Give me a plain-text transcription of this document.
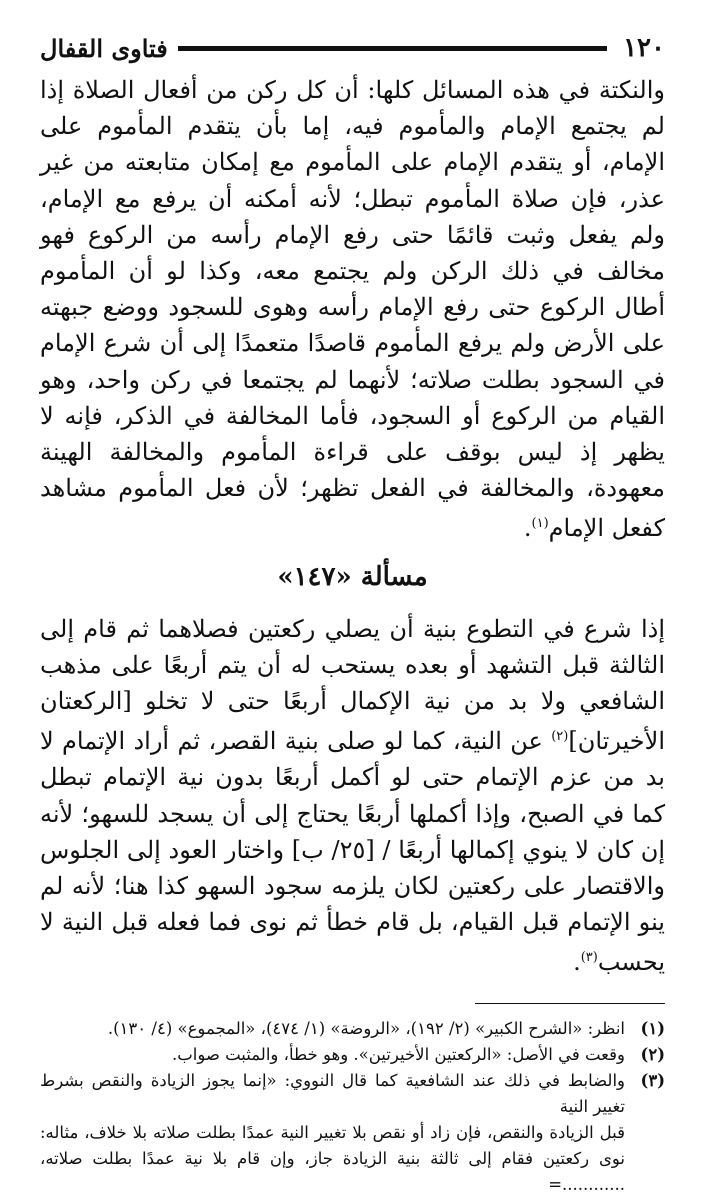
١٢٠
فتاوى القفال

والنكتة في هذه المسائل كلها: أن كل ركن من أفعال الصلاة إذا لم يجتمع الإمام والمأموم فيه، إما بأن يتقدم المأموم على الإمام، أو يتقدم الإمام على المأموم مع إمكان متابعته من غير عذر، فإن صلاة المأموم تبطل؛ لأنه أمكنه أن يرفع مع الإمام، ولم يفعل وثبت قائمًا حتى رفع الإمام رأسه من الركوع فهو مخالف في ذلك الركن ولم يجتمع معه، وكذا لو أن المأموم أطال الركوع حتى رفع الإمام رأسه وهوى للسجود ووضع جبهته على الأرض ولم يرفع المأموم قاصدًا متعمدًا إلى أن شرع الإمام في السجود بطلت صلاته؛ لأنهما لم يجتمعا في ركن واحد، وهو القيام من الركوع أو السجود، فأما المخالفة في الذكر، فإنه لا يظهر إذ ليس بوقف على قراءة المأموم والمخالفة الهينة معهودة، والمخالفة في الفعل تظهر؛ لأن فعل المأموم مشاهد كفعل الإمام$^{(١)}$.

مسألة «١٤٧»

إذا شرع في التطوع بنية أن يصلي ركعتين فصلاهما ثم قام إلى الثالثة قبل التشهد أو بعده يستحب له أن يتم أربعًا على مذهب الشافعي ولا بد من نية الإكمال أربعًا حتى لا تخلو [الركعتان الأخيرتان]$^{(٢)}$ عن النية، كما لو صلى بنية القصر، ثم أراد الإتمام لا بد من عزم الإتمام حتى لو أكمل أربعًا بدون نية الإتمام تبطل كما في الصبح، وإذا أكملها أربعًا يحتاج إلى أن يسجد للسهو؛ لأنه إن كان لا ينوي إكمالها أربعًا / [٢٥/ ب] واختار العود إلى الجلوس والاقتصار على ركعتين لكان يلزمه سجود السهو كذا هنا؛ لأنه لم ينو الإتمام قبل القيام، بل قام خطأ ثم نوى فما فعله قبل النية لا يحسب$^{(٣)}$.

(١)
انظر: «الشرح الكبير» (٢/ ١٩٢)، «الروضة» (١/ ٤٧٤)، «المجموع» (٤/ ١٣٠).
(٢)
وقعت في الأصل: «الركعتين الأخيرتين». وهو خطأ، والمثبت صواب.
(٣)
والضابط في ذلك عند الشافعية كما قال النووي: «إنما يجوز الزيادة والنقص بشرط تغيير النية
قبل الزيادة والنقص، فإن زاد أو نقص بلا تغيير النية عمدًا بطلت صلاته بلا خلاف، مثاله: نوى ركعتين فقام إلى ثالثة بنية الزيادة جاز، وإن قام بلا نية عمدًا بطلت صلاته، ............=
